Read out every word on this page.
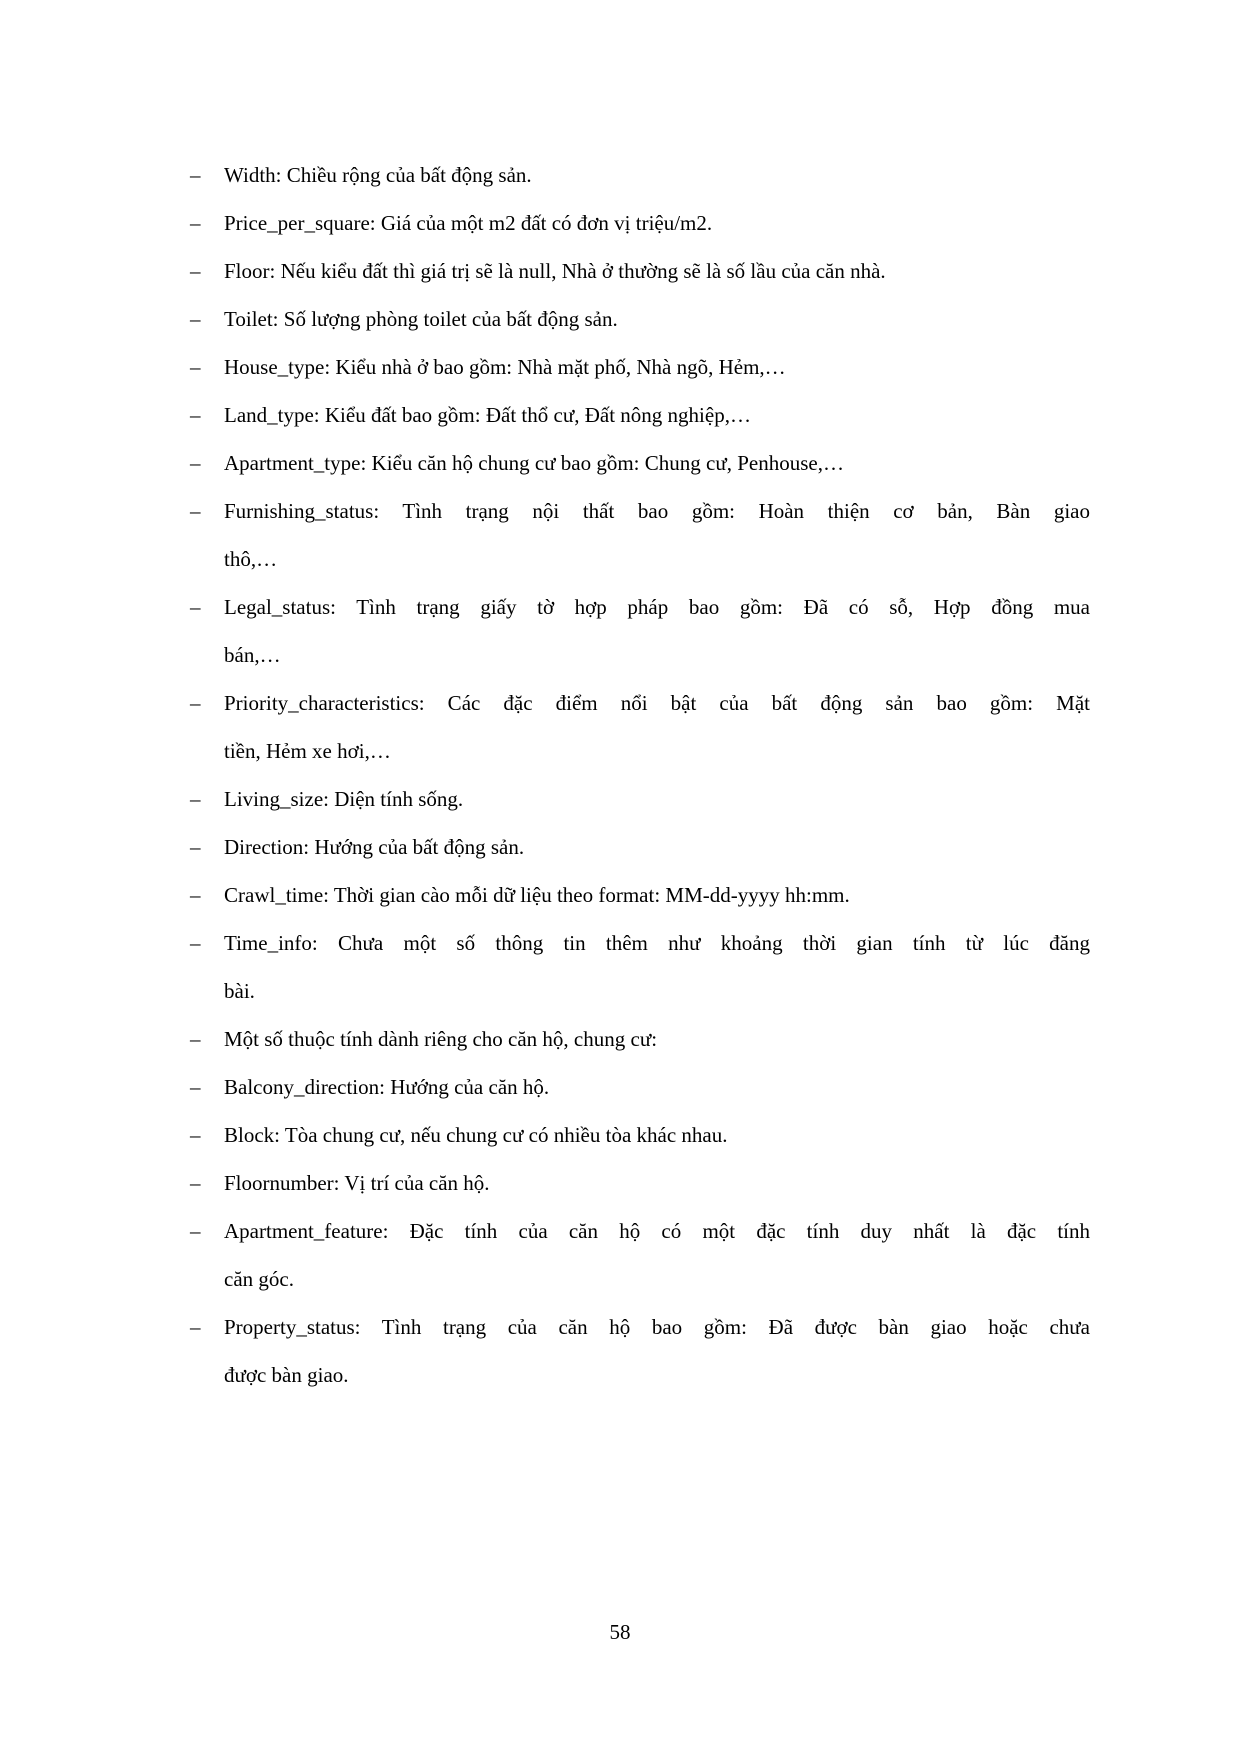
– Width: Chiều rộng của bất động sản.
– Price_per_square: Giá của một m2 đất có đơn vị triệu/m2.
– Floor: Nếu kiểu đất thì giá trị sẽ là null, Nhà ở thường sẽ là số lầu của căn nhà.
– Toilet: Số lượng phòng toilet của bất động sản.
– House_type: Kiểu nhà ở bao gồm: Nhà mặt phố, Nhà ngõ, Hẻm,…
– Land_type: Kiểu đất bao gồm: Đất thổ cư, Đất nông nghiệp,…
– Apartment_type: Kiểu căn hộ chung cư bao gồm: Chung cư, Penhouse,…
– Furnishing_status: Tình trạng nội thất bao gồm: Hoàn thiện cơ bản, Bàn giao
thô,…
– Legal_status: Tình trạng giấy tờ hợp pháp bao gồm: Đã có sỗ, Hợp đồng mua
bán,…
– Priority_characteristics: Các đặc điểm nổi bật của bất động sản bao gồm: Mặt
tiền, Hẻm xe hơi,…
– Living_size: Diện tính sống.
– Direction: Hướng của bất động sản.
– Crawl_time: Thời gian cào mỗi dữ liệu theo format: MM-dd-yyyy hh:mm.
– Time_info: Chưa một số thông tin thêm như khoảng thời gian tính từ lúc đăng
bài.
– Một số thuộc tính dành riêng cho căn hộ, chung cư:
– Balcony_direction: Hướng của căn hộ.
– Block: Tòa chung cư, nếu chung cư có nhiều tòa khác nhau.
– Floornumber: Vị trí của căn hộ.
– Apartment_feature: Đặc tính của căn hộ có một đặc tính duy nhất là đặc tính
căn góc.
– Property_status: Tình trạng của căn hộ bao gồm: Đã được bàn giao hoặc chưa
được bàn giao.
58
